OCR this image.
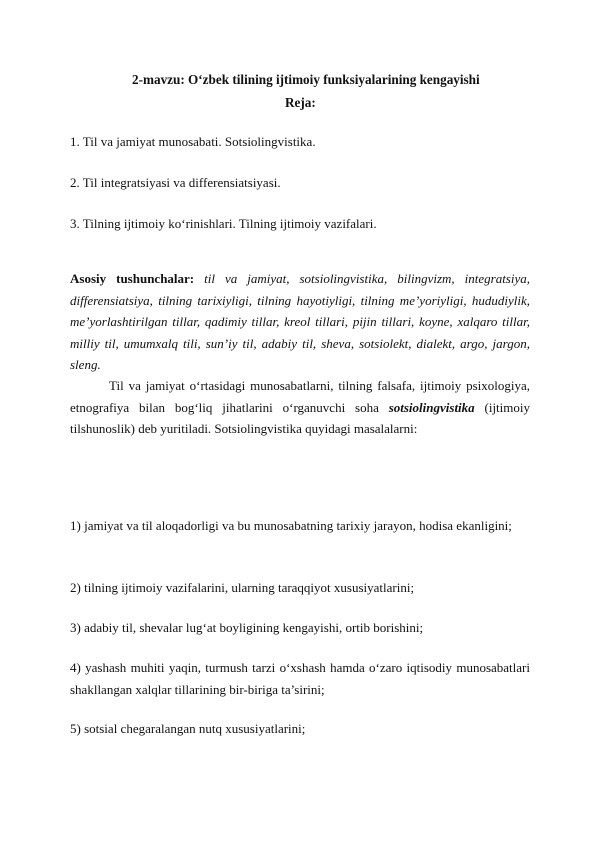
2-mavzu: O‘zbek tilining ijtimoiy funksiyalarining kengayishi
Reja:
1. Til va jamiyat munosabati. Sotsiolingvistika.
2. Til integratsiyasi va differensiatsiyasi.
3. Tilning ijtimoiy ko‘rinishlari. Tilning ijtimoiy vazifalari.
Asosiy tushunchalar: til va jamiyat, sotsiolingvistika, bilingvizm, integratsiya, differensiatsiya, tilning tarixiyligi, tilning hayotiyligi, tilning me’yoriyligi, hududiylik, me’yorlashtirilgan tillar, qadimiy tillar, kreol tillari, pijin tillari, koyne, xalqaro tillar, milliy til, umumxalq tili, sun’iy til, adabiy til, sheva, sotsiolekt, dialekt, argo, jargon, sleng.
Til va jamiyat o‘rtasidagi munosabatlarni, tilning falsafa, ijtimoiy psixologiya, etnografiya bilan bog‘liq jihatlarini o‘rganuvchi soha sotsiolingvistika (ijtimoiy tilshunoslik) deb yuritiladi. Sotsiolingvistika quyidagi masalalarni:
1) jamiyat va til aloqadorligi va bu munosabatning tarixiy jarayon, hodisa ekanligini;
2) tilning ijtimoiy vazifalarini, ularning taraqqiyot xususiyatlarini;
3) adabiy til, shevalar lug‘at boyligining kengayishi, ortib borishini;
4) yashash muhiti yaqin, turmush tarzi o‘xshash hamda o‘zaro iqtisodiy munosabatlari shakllangan xalqlar tillarining bir-biriga ta’sirini;
5) sotsial chegaralangan nutq xususiyatlarini;
